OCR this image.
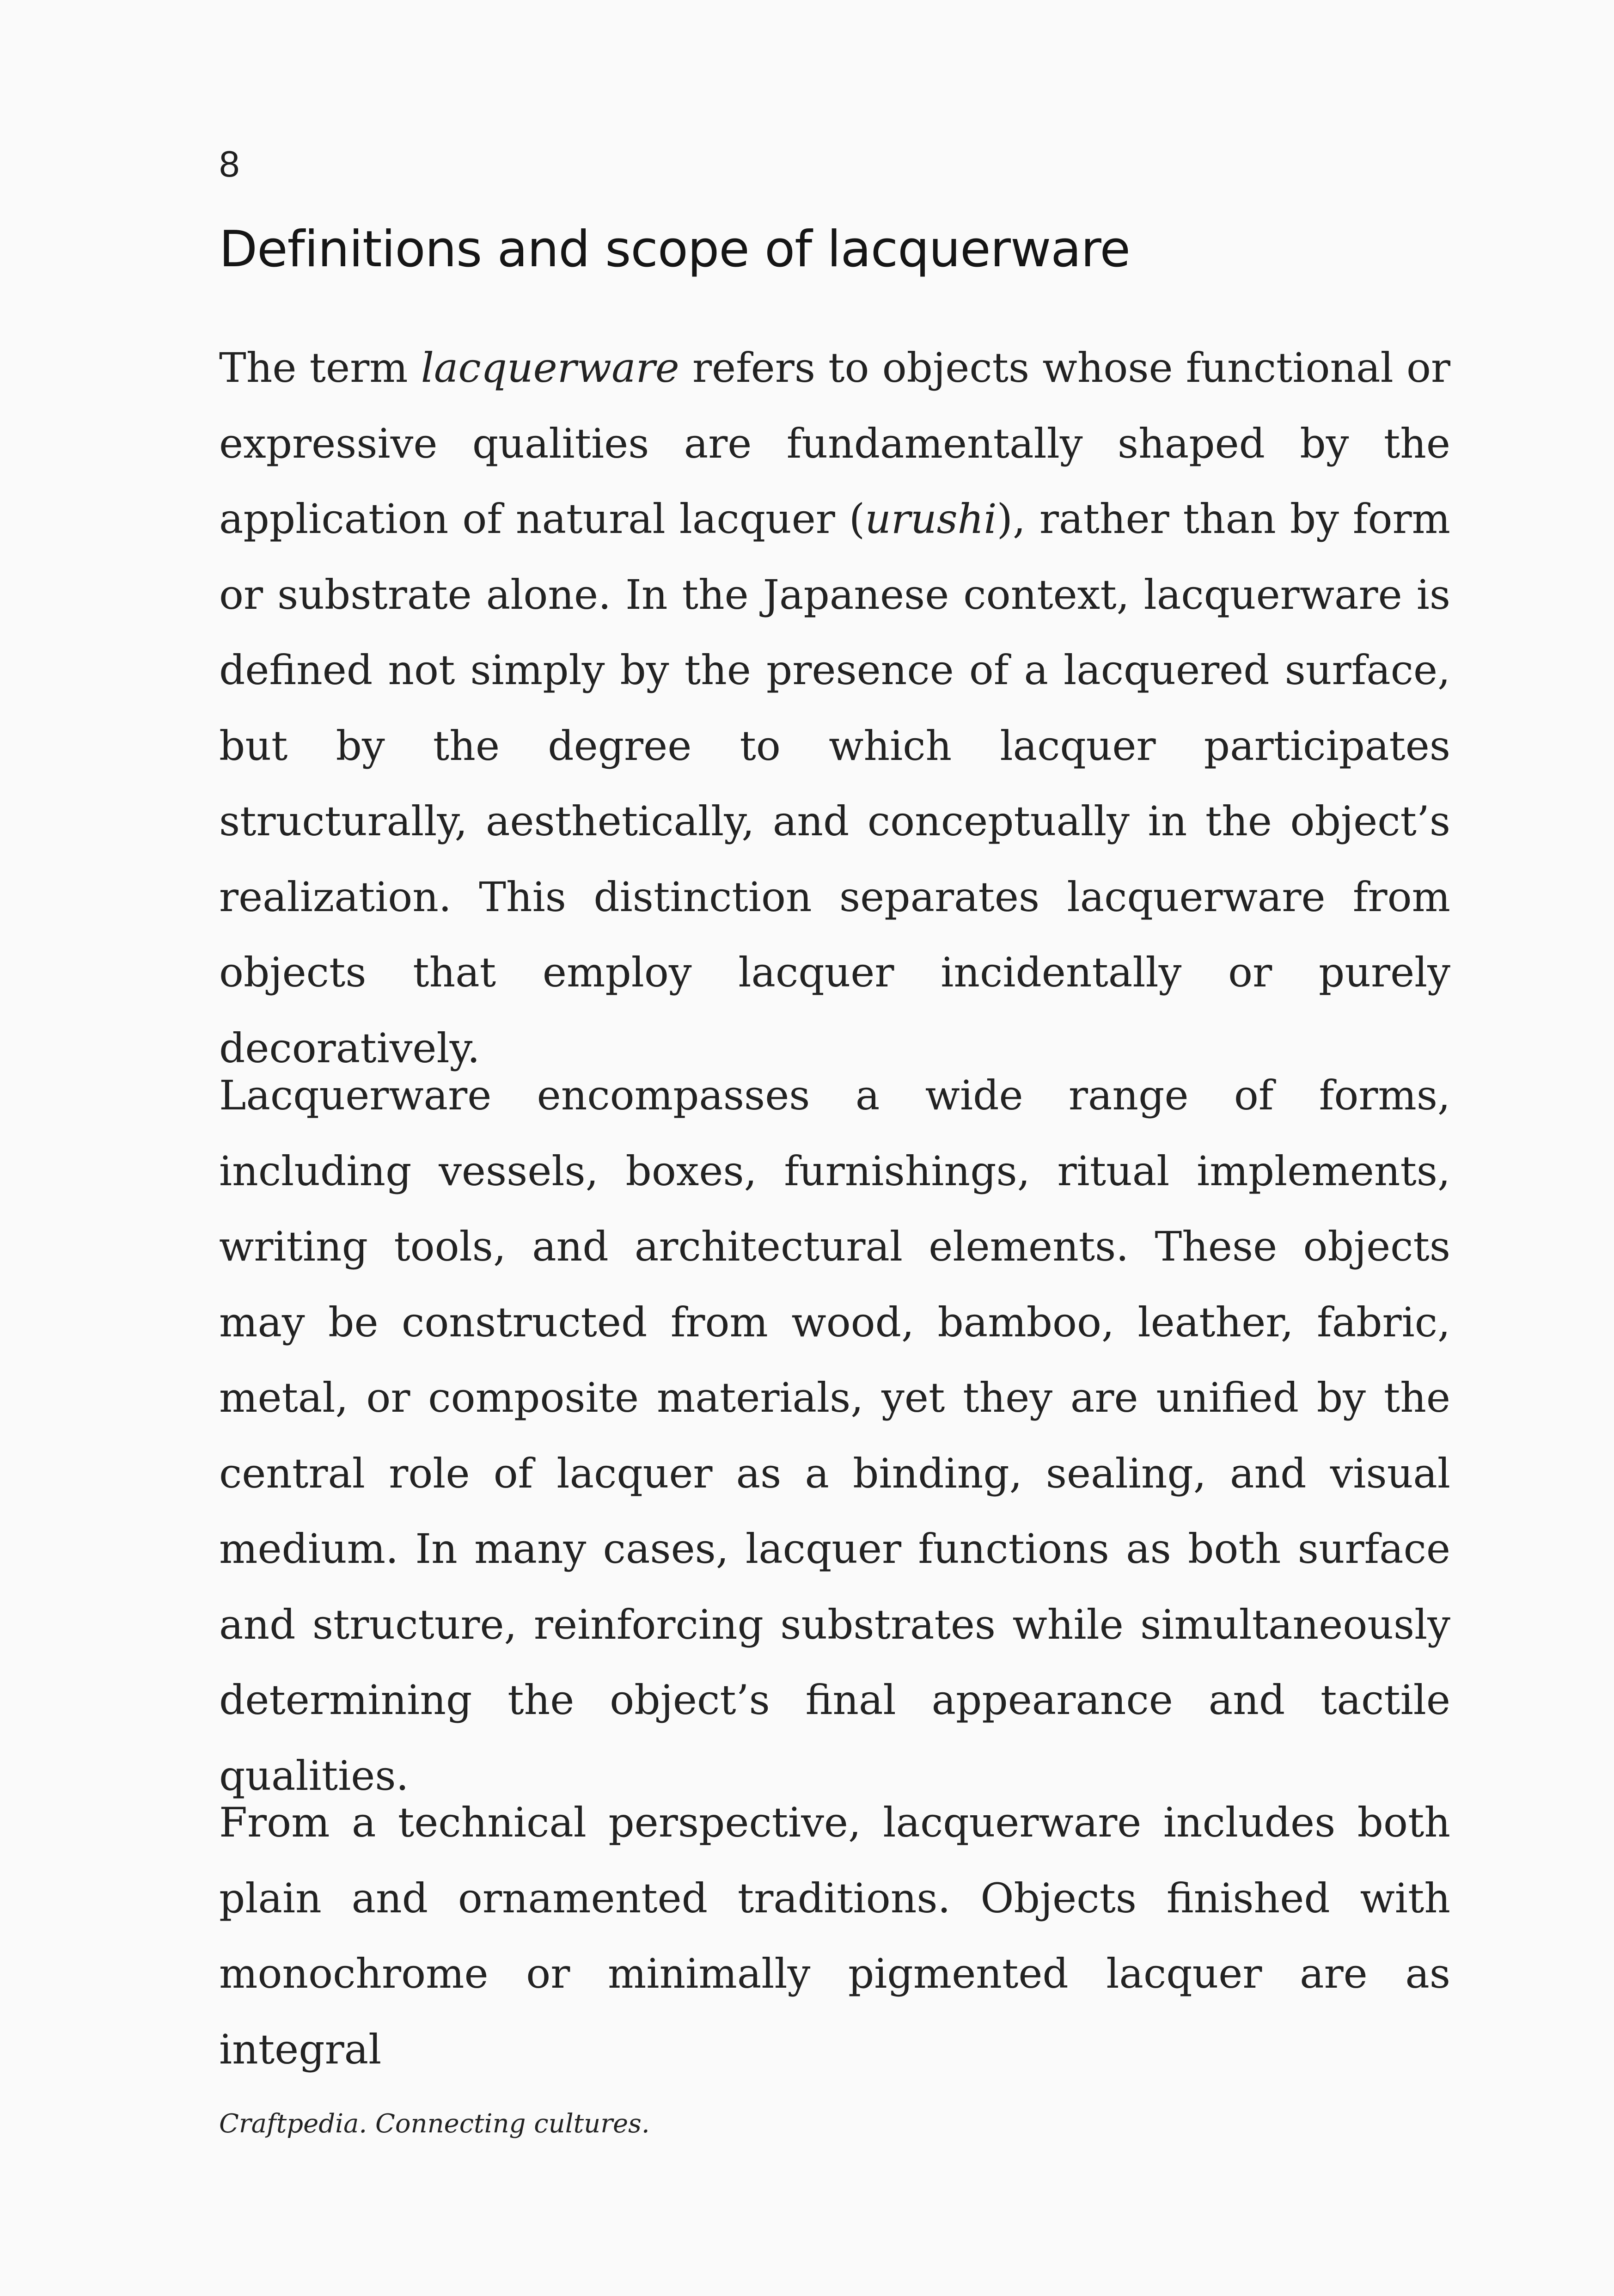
8

Definitions and scope of lacquerware

The term lacquerware refers to objects whose functional or expressive qualities are fundamentally shaped by the application of natural lacquer (urushi), rather than by form or substrate alone. In the Japanese context, lacquerware is defined not simply by the presence of a lacquered surface, but by the degree to which lacquer participates structurally, aesthetically, and conceptually in the object’s realization. This distinction separates lacquerware from objects that employ lacquer incidentally or purely decoratively.

Lacquerware encompasses a wide range of forms, including vessels, boxes, furnishings, ritual implements, writing tools, and architectural elements. These objects may be constructed from wood, bamboo, leather, fabric, metal, or composite materials, yet they are unified by the central role of lacquer as a binding, sealing, and visual medium. In many cases, lacquer functions as both surface and structure, reinforcing substrates while simultaneously determining the object’s final appearance and tactile qualities.

From a technical perspective, lacquerware includes both plain and ornamented traditions. Objects finished with monochrome or minimally pigmented lacquer are as integral

Craftpedia. Connecting cultures.
